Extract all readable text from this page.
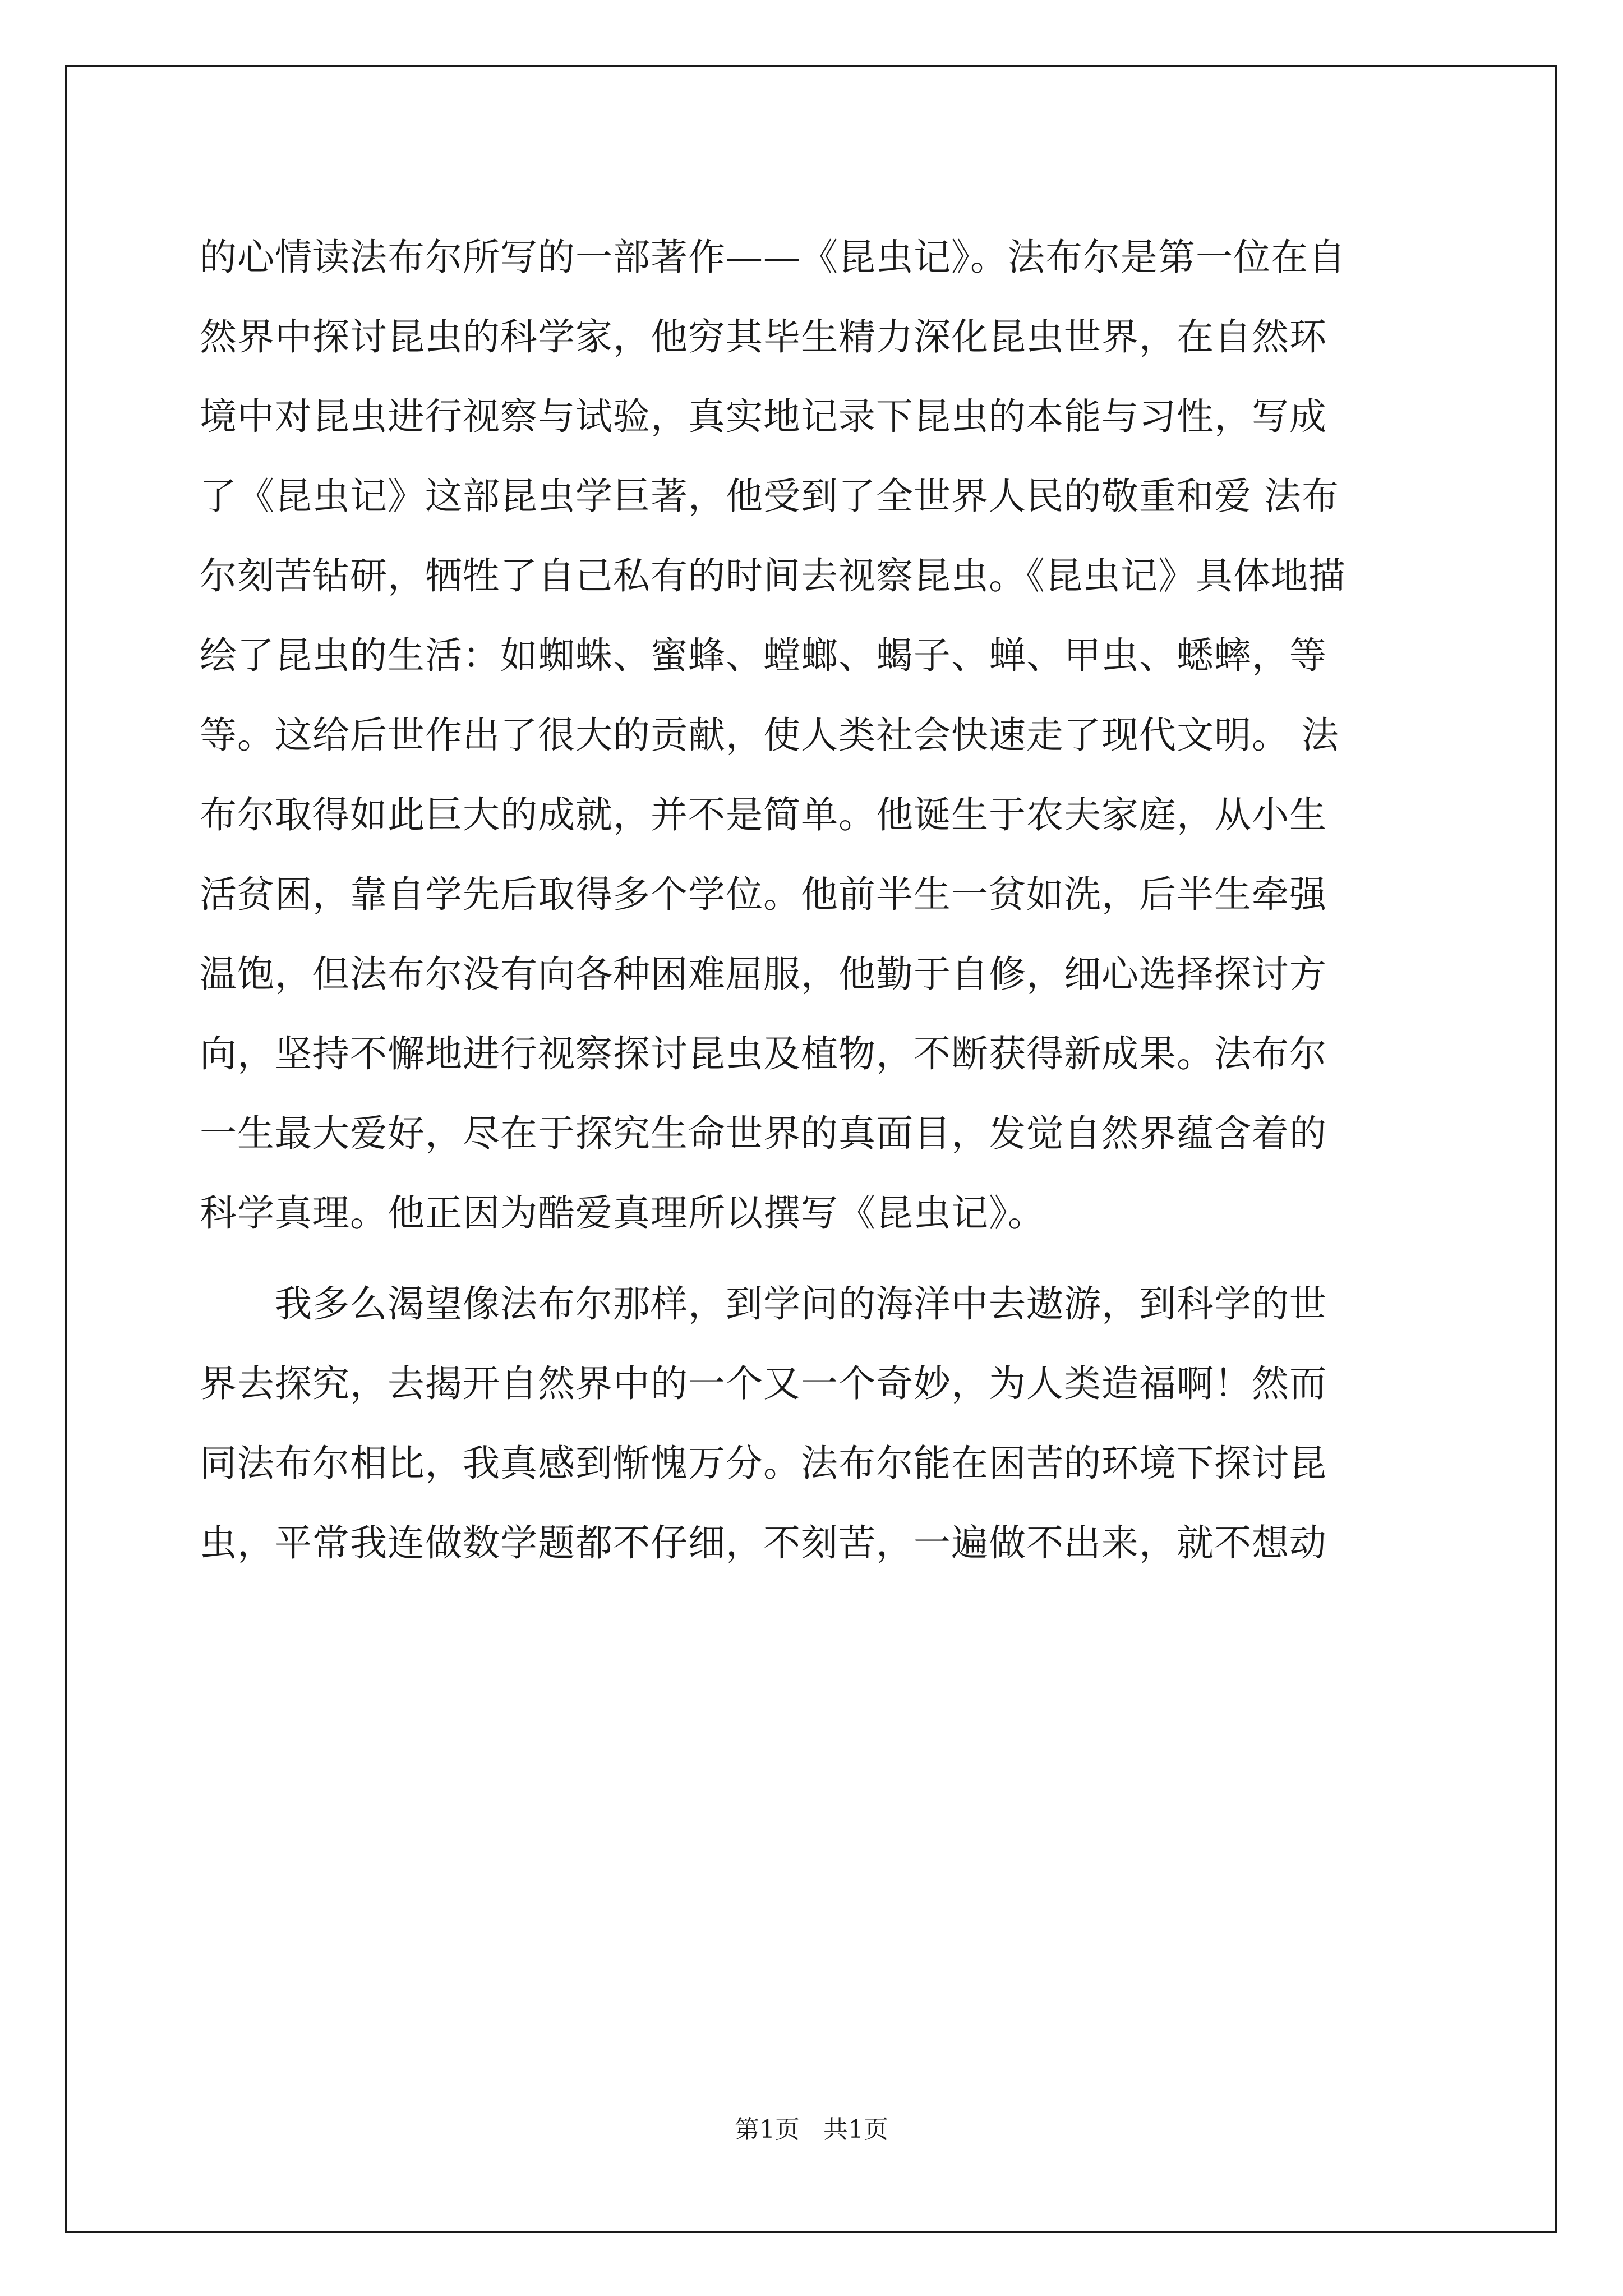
的心情读法布尔所写的一部著作——《昆虫记》。法布尔是第一位在自
然界中探讨昆虫的科学家，他穷其毕生精力深化昆虫世界，在自然环
境中对昆虫进行视察与试验，真实地记录下昆虫的本能与习性，写成
了《昆虫记》这部昆虫学巨著，他受到了全世界人民的敬重和爱 法布
尔刻苦钻研，牺牲了自己私有的时间去视察昆虫。《昆虫记》具体地描
绘了昆虫的生活：如蜘蛛、蜜蜂、螳螂、蝎子、蝉、甲虫、蟋蟀，等
等。这给后世作出了很大的贡献，使人类社会快速走了现代文明。 法
布尔取得如此巨大的成就，并不是简单。他诞生于农夫家庭，从小生
活贫困，靠自学先后取得多个学位。他前半生一贫如洗，后半生牵强
温饱，但法布尔没有向各种困难屈服，他勤于自修，细心选择探讨方
向，坚持不懈地进行视察探讨昆虫及植物，不断获得新成果。法布尔
一生最大爱好，尽在于探究生命世界的真面目，发觉自然界蕴含着的
科学真理。他正因为酷爱真理所以撰写《昆虫记》。
　　我多么渴望像法布尔那样，到学问的海洋中去遨游，到科学的世
界去探究，去揭开自然界中的一个又一个奇妙，为人类造福啊！然而
同法布尔相比，我真感到惭愧万分。法布尔能在困苦的环境下探讨昆
虫，平常我连做数学题都不仔细，不刻苦，一遍做不出来，就不想动
第1页 共1页
